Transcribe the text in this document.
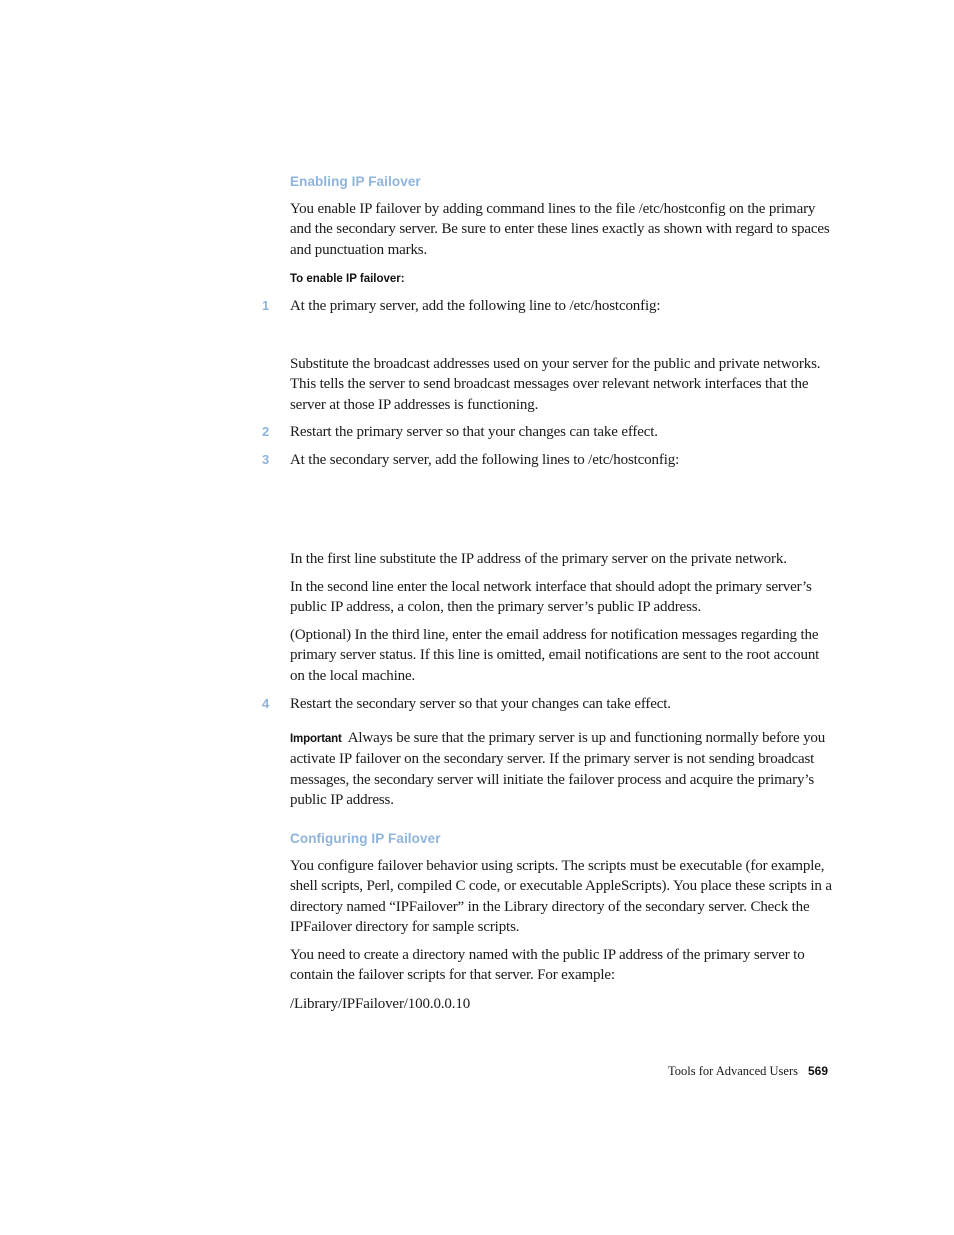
Enabling IP Failover
You enable IP failover by adding command lines to the file /etc/hostconfig on the primary and the secondary server. Be sure to enter these lines exactly as shown with regard to spaces and punctuation marks.
To enable IP failover:
1 At the primary server, add the following line to /etc/hostconfig:
Substitute the broadcast addresses used on your server for the public and private networks. This tells the server to send broadcast messages over relevant network interfaces that the server at those IP addresses is functioning.
2 Restart the primary server so that your changes can take effect.
3 At the secondary server, add the following lines to /etc/hostconfig:
In the first line substitute the IP address of the primary server on the private network.
In the second line enter the local network interface that should adopt the primary server’s public IP address, a colon, then the primary server’s public IP address.
(Optional) In the third line, enter the email address for notification messages regarding the primary server status. If this line is omitted, email notifications are sent to the root account on the local machine.
4 Restart the secondary server so that your changes can take effect.
Important Always be sure that the primary server is up and functioning normally before you activate IP failover on the secondary server. If the primary server is not sending broadcast messages, the secondary server will initiate the failover process and acquire the primary’s public IP address.
Configuring IP Failover
You configure failover behavior using scripts. The scripts must be executable (for example, shell scripts, Perl, compiled C code, or executable AppleScripts). You place these scripts in a directory named “IPFailover” in the Library directory of the secondary server. Check the IPFailover directory for sample scripts.
You need to create a directory named with the public IP address of the primary server to contain the failover scripts for that server. For example:
/Library/IPFailover/100.0.0.10
Tools for Advanced Users 569
